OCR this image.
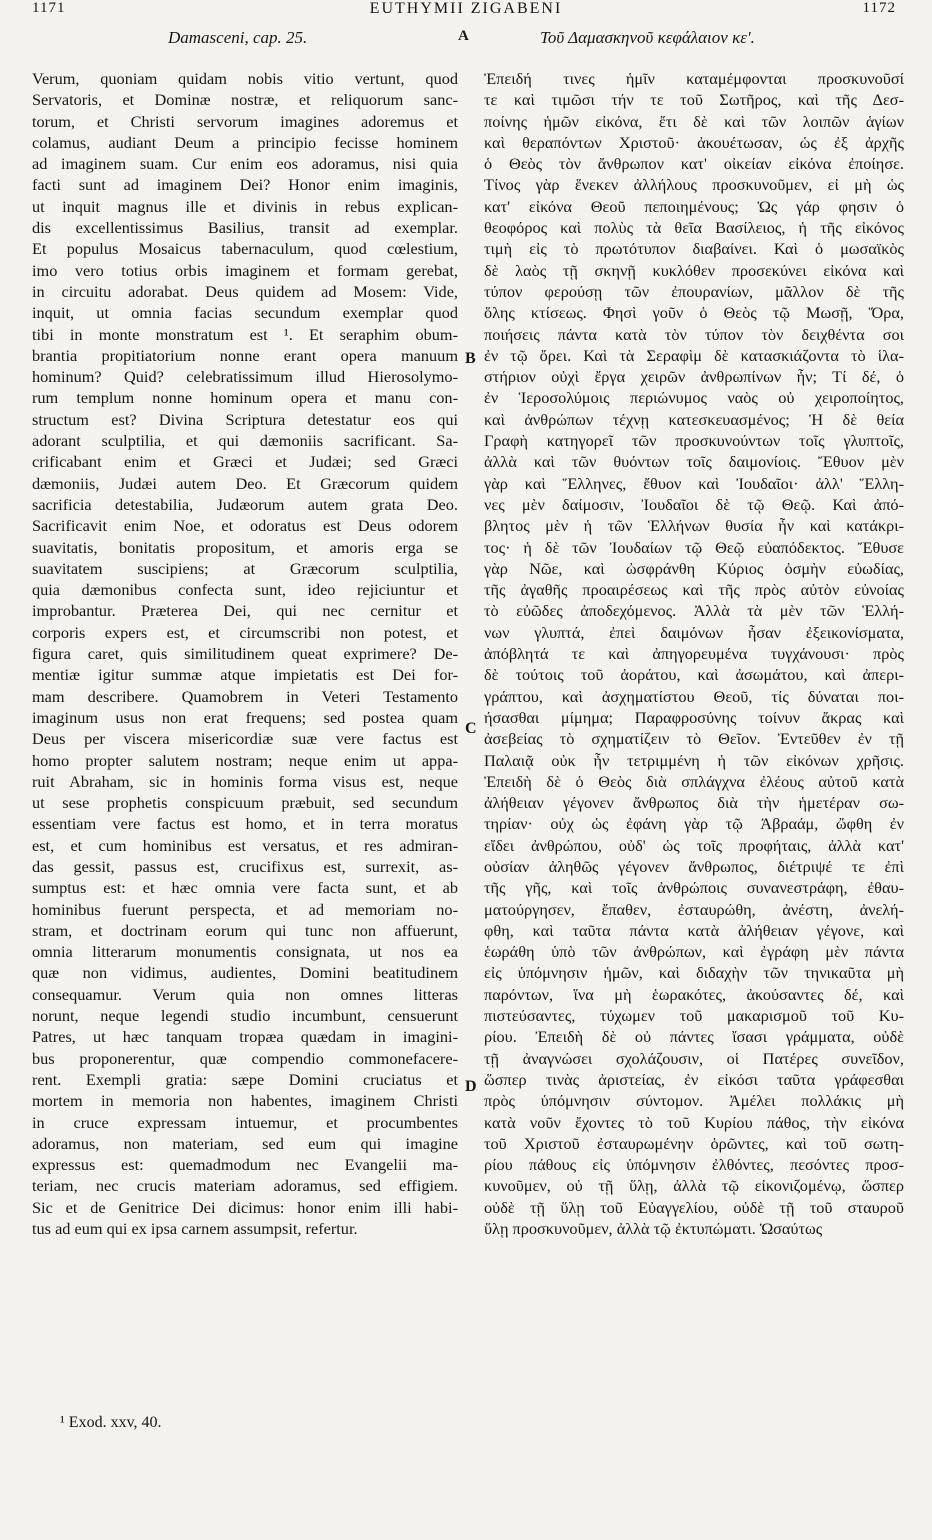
1171	EUTHYMII ZIGABENI	1172
Damasceni, cap. 25.	A	Τοῦ Δαμασκηνοῦ κεφάλαιον κε'.
Verum, quoniam quidam nobis vitio vertunt, quod
Servatoris, et Dominæ nostræ, et reliquorum sanc-
torum, et Christi servorum imagines adoremus et
colamus, audiant Deum a principio fecisse hominem
ad imaginem suam. Cur enim eos adoramus, nisi quia
facti sunt ad imaginem Dei? Honor enim imaginis,
ut inquit magnus ille et divinis in rebus explican-
dis excellentissimus Basilius, transit ad exemplar.
Et populus Mosaicus tabernaculum, quod cœlestium,
imo vero totius orbis imaginem et formam gerebat,
in circuitu adorabat. Deus quidem ad Mosem: Vide,
inquit, ut omnia facias secundum exemplar quod
tibi in monte monstratum est ¹. Et seraphim obum-
brantia propitiatorium nonne erant opera manuum
hominum? Quid? celebratissimum illud Hierosolymo-
rum templum nonne hominum opera et manu con-
structum est? Divina Scriptura detestatur eos qui
adorant sculptilia, et qui dæmoniis sacrificant. Sa-
crificabant enim et Græci et Judæi; sed Græci
dæmoniis, Judæi autem Deo. Et Græcorum quidem
sacrificia detestabilia, Judæorum autem grata Deo.
Sacrificavit enim Noe, et odoratus est Deus odorem
suavitatis, bonitatis propositum, et amoris erga se
suavitatem suscipiens; at Græcorum sculptilia,
quia dæmonibus confecta sunt, ideo rejiciuntur et
improbantur. Præterea Dei, qui nec cernitur et
corporis expers est, et circumscribi non potest, et
figura caret, quis similitudinem queat exprimere? De-
mentiæ igitur summæ atque impietatis est Dei for-
mam describere. Quamobrem in Veteri Testamento
imaginum usus non erat frequens; sed postea quam
Deus per viscera misericordiæ suæ vere factus est
homo propter salutem nostram; neque enim ut appa-
ruit Abraham, sic in hominis forma visus est, neque
ut sese prophetis conspicuum præbuit, sed secundum
essentiam vere factus est homo, et in terra moratus
est, et cum hominibus est versatus, et res admiran-
das gessit, passus est, crucifixus est, surrexit, as-
sumptus est: et hæc omnia vere facta sunt, et ab
hominibus fuerunt perspecta, et ad memoriam no-
stram, et doctrinam eorum qui tunc non affuerunt,
omnia litterarum monumentis consignata, ut nos ea
quæ non vidimus, audientes, Domini beatitudinem
consequamur. Verum quia non omnes litteras
norunt, neque legendi studio incumbunt, censuerunt
Patres, ut hæc tanquam tropæa quædam in imagini-
bus proponerentur, quæ compendio commonefacere-
rent. Exempli gratia: sæpe Domini cruciatus et
mortem in memoria non habentes, imaginem Christi
in cruce expressam intuemur, et procumbentes
adoramus, non materiam, sed eum qui imagine
expressus est: quemadmodum nec Evangelii ma-
teriam, nec crucis materiam adoramus, sed effigiem.
Sic et de Genitrice Dei dicimus: honor enim illi habi-
tus ad eum qui ex ipsa carnem assumpsit, refertur.
Ἐπειδή τινες ἡμῖν καταμέμφονται προσκυνοῦσί
τε καὶ τιμῶσι τήν τε τοῦ Σωτῆρος, καὶ τῆς Δεσ-
ποίνης ἡμῶν εἰκόνα, ἔτι δὲ καὶ τῶν λοιπῶν ἁγίων
καὶ θεραπόντων Χριστοῦ· ἀκουέτωσαν, ὡς ἐξ ἀρχῆς
ὁ Θεὸς τὸν ἄνθρωπον κατ' οἰκείαν εἰκόνα ἐποίησε.
Τίνος γὰρ ἕνεκεν ἀλλήλους προσκυνοῦμεν, εἰ μὴ ὡς
κατ' εἰκόνα Θεοῦ πεποιημένους; Ὡς γάρ φησιν ὁ
θεοφόρος καὶ πολὺς τὰ θεῖα Βασίλειος, ἡ τῆς εἰκόνος
τιμὴ εἰς τὸ πρωτότυπον διαβαίνει. Καὶ ὁ μωσαϊκὸς
δὲ λαὸς τῇ σκηνῇ κυκλόθεν προσεκύνει εἰκόνα καὶ
τύπον φερούσῃ τῶν ἐπουρανίων, μᾶλλον δὲ τῆς
ὅλης κτίσεως. Φησὶ γοῦν ὁ Θεὸς τῷ Μωσῇ, Ὅρα,
ποιήσεις πάντα κατὰ τὸν τύπον τὸν δειχθέντα σοι
ἐν τῷ ὄρει. Καὶ τὰ Σεραφὶμ δὲ κατασκιάζοντα τὸ ἱλα-
στήριον οὐχὶ ἔργα χειρῶν ἀνθρωπίνων ἦν; Τί δέ, ὁ
ἐν Ἱεροσολύμοις περιώνυμος ναὸς οὐ χειροποίητος,
καὶ ἀνθρώπων τέχνῃ κατεσκευασμένος; Ἡ δὲ θεία
Γραφὴ κατηγορεῖ τῶν προσκυνούντων τοῖς γλυπτοῖς,
ἀλλὰ καὶ τῶν θυόντων τοῖς δαιμονίοις. Ἔθυον μὲν
γὰρ καὶ Ἕλληνες, ἔθυον καὶ Ἰουδαῖοι· ἀλλ' Ἕλλη-
νες μὲν δαίμοσιν, Ἰουδαῖοι δὲ τῷ Θεῷ. Καὶ ἀπό-
βλητος μὲν ἡ τῶν Ἑλλήνων θυσία ἦν καὶ κατάκρι-
τος· ἡ δὲ τῶν Ἰουδαίων τῷ Θεῷ εὐαπόδεκτος. Ἔθυσε
γὰρ Νῶε, καὶ ὠσφράνθη Κύριος ὀσμὴν εὐωδίας,
τῆς ἀγαθῆς προαιρέσεως καὶ τῆς πρὸς αὐτὸν εὐνοίας
τὸ εὐῶδες ἀποδεχόμενος. Ἀλλὰ τὰ μὲν τῶν Ἑλλή-
νων γλυπτά, ἐπεὶ δαιμόνων ἦσαν ἐξεικονίσματα,
ἀπόβλητά τε καὶ ἀπηγορευμένα τυγχάνουσι· πρὸς
δὲ τούτοις τοῦ ἀοράτου, καὶ ἀσωμάτου, καὶ ἀπερι-
γράπτου, καὶ ἀσχηματίστου Θεοῦ, τίς δύναται ποι-
ήσασθαι μίμημα; Παραφροσύνης τοίνυν ἄκρας καὶ
ἀσεβείας τὸ σχηματίζειν τὸ Θεῖον. Ἐντεῦθεν ἐν τῇ
Παλαιᾷ οὐκ ἦν τετριμμένη ἡ τῶν εἰκόνων χρῆσις.
Ἐπειδὴ δὲ ὁ Θεὸς διὰ σπλάγχνα ἐλέους αὐτοῦ κατὰ
ἀλήθειαν γέγονεν ἄνθρωπος διὰ τὴν ἡμετέραν σω-
τηρίαν· οὐχ ὡς ἐφάνη γὰρ τῷ Ἀβραάμ, ὤφθη ἐν
εἴδει ἀνθρώπου, οὐδ' ὡς τοῖς προφήταις, ἀλλὰ κατ'
οὐσίαν ἀληθῶς γέγονεν ἄνθρωπος, διέτριψέ τε ἐπὶ
τῆς γῆς, καὶ τοῖς ἀνθρώποις συνανεστράφη, ἐθαυ-
ματούργησεν, ἔπαθεν, ἐσταυρώθη, ἀνέστη, ἀνελή-
φθη, καὶ ταῦτα πάντα κατὰ ἀλήθειαν γέγονε, καὶ
ἑωράθη ὑπὸ τῶν ἀνθρώπων, καὶ ἐγράφη μὲν πάντα
εἰς ὑπόμνησιν ἡμῶν, καὶ διδαχὴν τῶν τηνικαῦτα μὴ
παρόντων, ἵνα μὴ ἑωρακότες, ἀκούσαντες δέ, καὶ
πιστεύσαντες, τύχωμεν τοῦ μακαρισμοῦ τοῦ Κυ-
ρίου. Ἐπειδὴ δὲ οὐ πάντες ἴσασι γράμματα, οὐδὲ
τῇ ἀναγνώσει σχολάζουσιν, οἱ Πατέρες συνεῖδον,
ὥσπερ τινὰς ἀριστείας, ἐν εἰκόσι ταῦτα γράφεσθαι
πρὸς ὑπόμνησιν σύντομον. Ἀμέλει πολλάκις μὴ
κατὰ νοῦν ἔχοντες τὸ τοῦ Κυρίου πάθος, τὴν εἰκόνα
τοῦ Χριστοῦ ἐσταυρωμένην ὁρῶντες, καὶ τοῦ σωτη-
ρίου πάθους εἰς ὑπόμνησιν ἐλθόντες, πεσόντες προσ-
κυνοῦμεν, οὐ τῇ ὕλῃ, ἀλλὰ τῷ εἰκονιζομένῳ, ὥσπερ
οὐδὲ τῇ ὕλῃ τοῦ Εὐαγγελίου, οὐδὲ τῇ τοῦ σταυροῦ
ὕλῃ προσκυνοῦμεν, ἀλλὰ τῷ ἐκτυπώματι. Ὡσαύτως
B
C
D
¹ Exod. xxv, 40.
